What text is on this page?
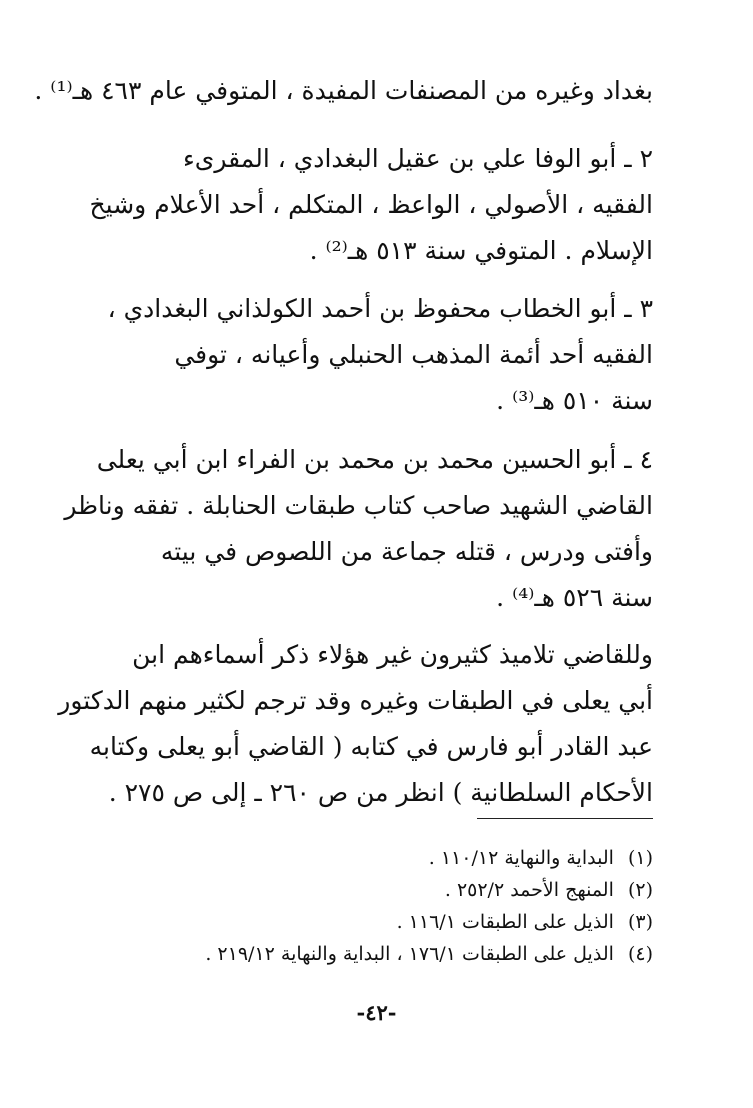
بغداد وغيره من المصنفات المفيدة ، المتوفي عام ٤٦٣ هـ⁽¹⁾ .

٢ ـ أبو الوفا علي بن عقيل البغدادي ، المقرىء
الفقيه ، الأصولي ، الواعظ ، المتكلم ، أحد الأعلام وشيخ
الإسلام . المتوفي سنة ٥١٣ هـ⁽²⁾ .

٣ ـ أبو الخطاب محفوظ بن أحمد الكولذاني البغدادي ،
الفقيه أحد أئمة المذهب الحنبلي وأعيانه ، توفي
سنة ٥١٠ هـ⁽³⁾ .

٤ ـ أبو الحسين محمد بن محمد بن الفراء ابن أبي يعلى
القاضي الشهيد صاحب كتاب طبقات الحنابلة . تفقه وناظر
وأفتى ودرس ، قتله جماعة من اللصوص في بيته
سنة ٥٢٦ هـ⁽⁴⁾ .

وللقاضي تلاميذ كثيرون غير هؤلاء ذكر أسماءهم ابن
أبي يعلى في الطبقات وغيره وقد ترجم لكثير منهم الدكتور
عبد القادر أبو فارس في كتابه ( القاضي أبو يعلى وكتابه
الأحكام السلطانية ) انظر من ص ٢٦٠ ـ إلى ص ٢٧٥ .

(١) البداية والنهاية ١١٠/١٢ .
(٢) المنهج الأحمد ٢٥٢/٢ .
(٣) الذيل على الطبقات ١١٦/١ .
(٤) الذيل على الطبقات ١٧٦/١ ، البداية والنهاية ٢١٩/١٢ .
-٤٢-
